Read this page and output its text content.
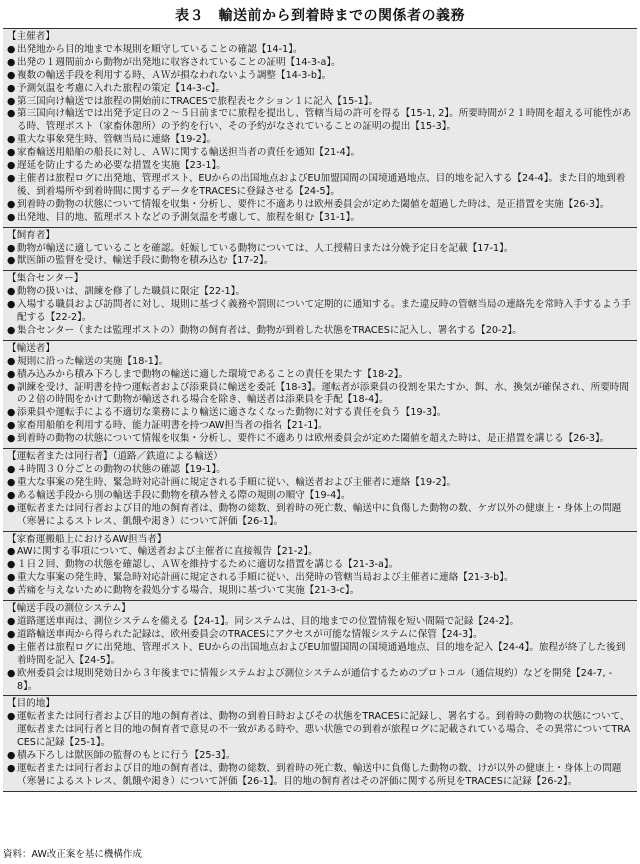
表３　輸送前から到着時までの関係者の義務
【主催者】
● 出発地から目的地まで本規則を順守していることの確認【14-1】。
● 出発の１週間前から動物が出発地に収容されていることの証明【14-3-a】。
● 複数の輸送手段を利用する時、ＡＷが損なわれないよう調整【14-3-b】。
● 予測気温を考慮に入れた旅程の策定【14-3-c】。
● 第三国向け輸送では旅程の開始前にTRACESで旅程表セクション１に記入【15-1】。
● 第三国向け輸送では出発予定日の２～５日前までに旅程を提出し、管轄当局の許可を得る【15-1, 2】。所要時間が２１時間を超える可能性がある時、管理ポスト（家畜休憩所）の予約を行い、その予約がなされていることの証明の提出【15-3】。
● 重大な事象発生時、管轄当局に連絡【19-2】。
● 家畜輸送用船舶の船長に対し、ＡＷに関する輸送担当者の責任を通知【21-4】。
● 遅延を防止するため必要な措置を実施【23-1】。
● 主催者は旅程ログに出発地、管理ポスト、EUからの出国地点およびEU加盟国間の国境通過地点、目的地を記入する【24-4】。また目的地到着後、到着場所や到着時間に関するデータをTRACESに登録させる【24-5】。
● 到着時の動物の状態について情報を収集・分析し、要件に不適ありは欧州委員会が定めた閾値を超過した時は、是正措置を実施【26-3】。
● 出発地、目的地、監理ポストなどの予測気温を考慮して、旅程を組む【31-1】。
【飼育者】
● 動物が輸送に適していることを確認。妊娠している動物については、人工授精日または分娩予定日を記載【17-1】。
● 獣医師の監督を受け、輸送手段に動物を積み込む【17-2】。
【集合センター】
● 動物の扱いは、訓練を修了した職員に限定【22-1】。
● 入場する職員および訪問者に対し、規則に基づく義務や罰則について定期的に通知する。また違反時の管轄当局の連絡先を常時入手するよう手配する【22-2】。
● 集合センター（または監理ポストの）動物の飼育者は、動物が到着した状態をTRACESに記入し、署名する【20-2】。
【輸送者】
● 規則に沿った輸送の実施【18-1】。
● 積み込みから積み下ろしまで動物の輸送に適した環境であることの責任を果たす【18-2】。
● 訓練を受け、証明書を持つ運転者および添乗員に輸送を委託【18-3】。運転者が添乗員の役割を果たすか、餌、水、換気が確保され、所要時間の２倍の時間をかけて動物が輸送される場合を除き、輸送者は添乗員を手配【18-4】。
● 添乗員や運転手による不適切な業務により輸送に適さなくなった動物に対する責任を負う【19-3】。
● 家畜用船舶を利用する時、能力証明書を持つAW担当者の指名【21-1】。
● 到着時の動物の状態について情報を収集・分析し、要件に不適ありは欧州委員会が定めた閾値を超えた時は、是正措置を講じる【26-3】。
【運転者または同行者】（道路／鉄道による輸送）
● ４時間３０分ごとの動物の状態の確認【19-1】。
● 重大な事案の発生時、緊急時対応計画に規定される手順に従い、輸送者および主催者に連絡【19-2】。
● ある輸送手段から別の輸送手段に動物を積み替える際の規則の順守【19-4】。
● 運転者または同行者および目的地の飼育者は、動物の総数、到着時の死亡数、輸送中に負傷した動物の数、ケガ以外の健康上・身体上の問題（寒暑によるストレス、飢餓や渇き）について評価【26-1】。
【家畜運搬船上におけるAW担当者】
● AWに関する事項について、輸送者および主催者に直接報告【21-2】。
● １日２回、動物の状態を確認し、ＡＷを維持するために適切な措置を講じる【21-3-a】。
● 重大な事案の発生時、緊急時対応計画に規定される手順に従い、出発時の管轄当局および主催者に連絡【21-3-b】。
● 苦痛を与えないために動物を殺処分する場合、規則に基づいて実施【21-3-c】。
【輸送手段の測位システム】
● 道路運送車両は、測位システムを備える【24-1】。同システムは、目的地までの位置情報を短い間隔で記録【24-2】。
● 道路輸送車両から得られた記録は、欧州委員会のTRACESにアクセスが可能な情報システムに保管【24-3】。
● 主催者は旅程ログに出発地、管理ポスト、EUからの出国地点およびEU加盟国間の国境通過地点、目的地を記入【24-4】。旅程が終了した後到着時間を記入【24-5】。
● 欧州委員会は規則発効日から３年後までに情報システムおよび測位システムが通信するためのプロトコル（通信規約）などを開発【24-7, -8】。
【目的地】
● 運転者または同行者および目的地の飼育者は、動物の到着日時およびその状態をTRACESに記録し、署名する。到着時の動物の状態について、運転者または同行者と目的地の飼育者で意見の不一致がある時や、悪い状態での到着が旅程ログに記載されている場合、その異常についてTRACESに記録【25-1】。
● 積み下ろしは獣医師の監督のもとに行う【25-3】。
● 運転者または同行者および目的地の飼育者は、動物の総数、到着時の死亡数、輸送中に負傷した動物の数、けが以外の健康上・身体上の問題（寒暑によるストレス、飢餓や渇き）について評価【26-1】。目的地の飼育者はその評価に関する所見をTRACESに記録【26-2】。
資料：AW改正案を基に機構作成
